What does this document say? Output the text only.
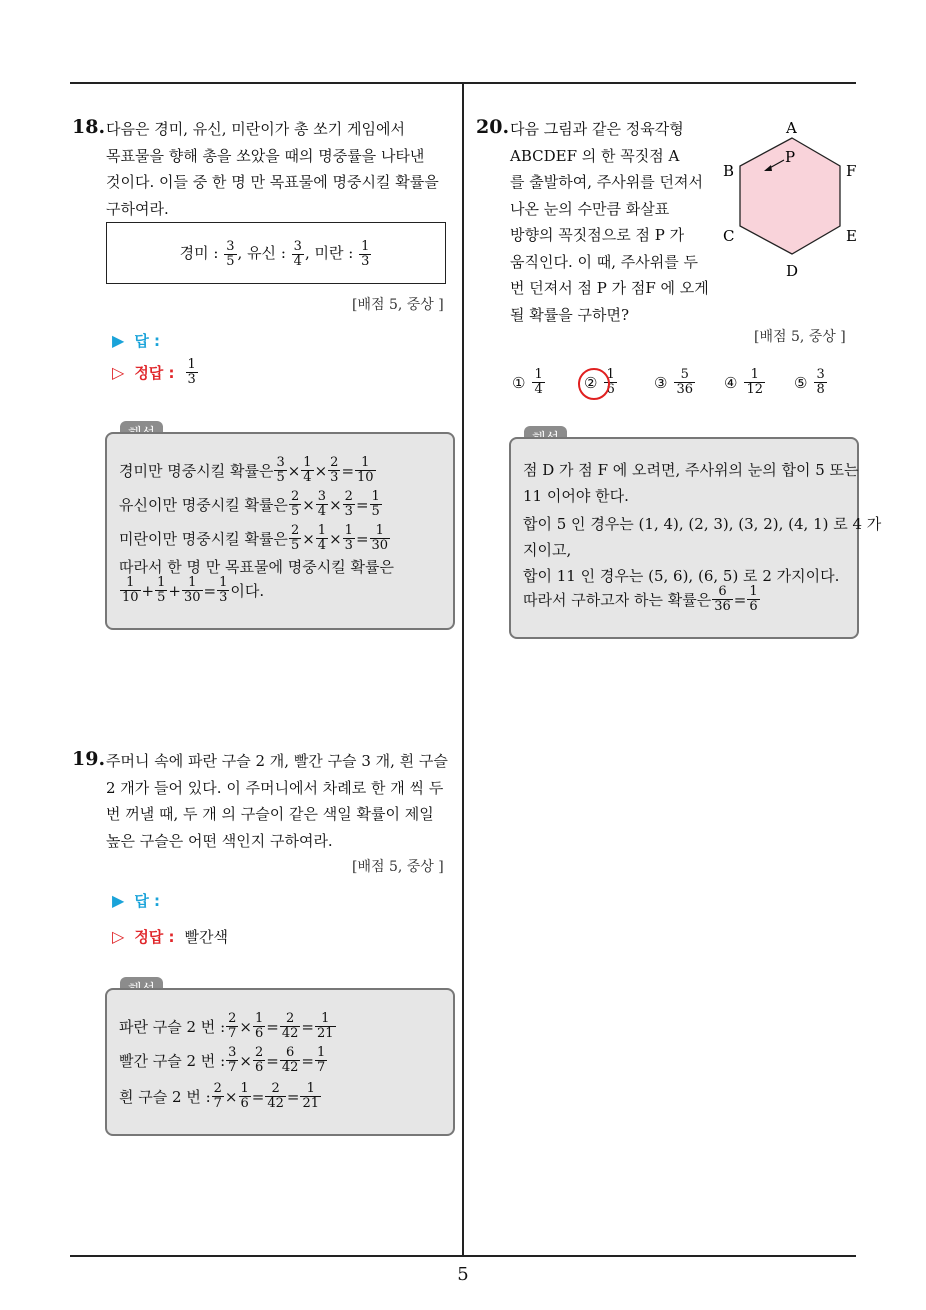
5
18. 다음은 경미, 유신, 미란이가 총 쏘기 게임에서
목표물을 향해 총을 쏘았을 때의 명중률을 나타낸
것이다. 이들 중 한 명 만 목표물에 명중시킬 확률을
구하여라.
경미 : $\frac{3}{5}$ , 유신 : $\frac{3}{4}$ , 미란 : $\frac{1}{3}$
[배점 5, 중상 ]
▶ 답 :
▷ 정답 : $\frac{1}{3}$
경미만 명중시킬 확률은 $\frac{3}{5} \times \frac{1}{4} \times \frac{2}{3} = \frac{1}{10}$
유신이만 명중시킬 확률은 $\frac{2}{5} \times \frac{3}{4} \times \frac{2}{3} = \frac{1}{5}$
미란이만 명중시킬 확률은 $\frac{2}{5} \times \frac{1}{4} \times \frac{1}{3} = \frac{1}{30}$
따라서 한 명 만 목표물에 명중시킬 확률은
$\frac{1}{10} + \frac{1}{5} + \frac{1}{30} = \frac{1}{3}$ 이다.
19. 주머니 속에 파란 구슬 2 개, 빨간 구슬 3 개, 흰 구슬
2 개가 들어 있다. 이 주머니에서 차례로 한 개 씩 두
번 꺼낼 때, 두 개 의 구슬이 같은 색일 확률이 제일
높은 구슬은 어떤 색인지 구하여라.
[배점 5, 중상 ]
▶ 답 :
▷ 정답 : 빨간색
파란 구슬 2 번 : $\frac{2}{7} \times \frac{1}{6} = \frac{2}{42} = \frac{1}{21}$
빨간 구슬 2 번 : $\frac{3}{7} \times \frac{2}{6} = \frac{6}{42} = \frac{1}{7}$
흰 구슬 2 번 : $\frac{2}{7} \times \frac{1}{6} = \frac{2}{42} = \frac{1}{21}$
20. 다음 그림과 같은 정육각형
ABCDEF 의 한 꼭짓점 A
를 출발하여, 주사위를 던져서
나온 눈의 수만큼 화살표
방향의 꼭짓점으로 점 P 가
움직인다. 이 때, 주사위를 두
번 던져서 점 P 가 점F 에 오게
될 확률을 구하면?
A
B	F
C	E
D
P
[배점 5, 중상 ]
① $\frac{1}{4}$	② $\frac{1}{6}$ ③ $\frac{5}{36}$ ④ $\frac{1}{12}$ ⑤ $\frac{3}{8}$
점 D 가 점 F 에 오려면, 주사위의 눈의 합이 5 또는
11 이어야 한다.
합이 5 인 경우는 (1, 4), (2, 3), (3, 2), (4, 1) 로 4 가
지이고,
합이 11 인 경우는 (5, 6), (6, 5) 로 2 가지이다.
따라서 구하고자 하는 확률은 $\frac{6}{36} = \frac{1}{6}$
